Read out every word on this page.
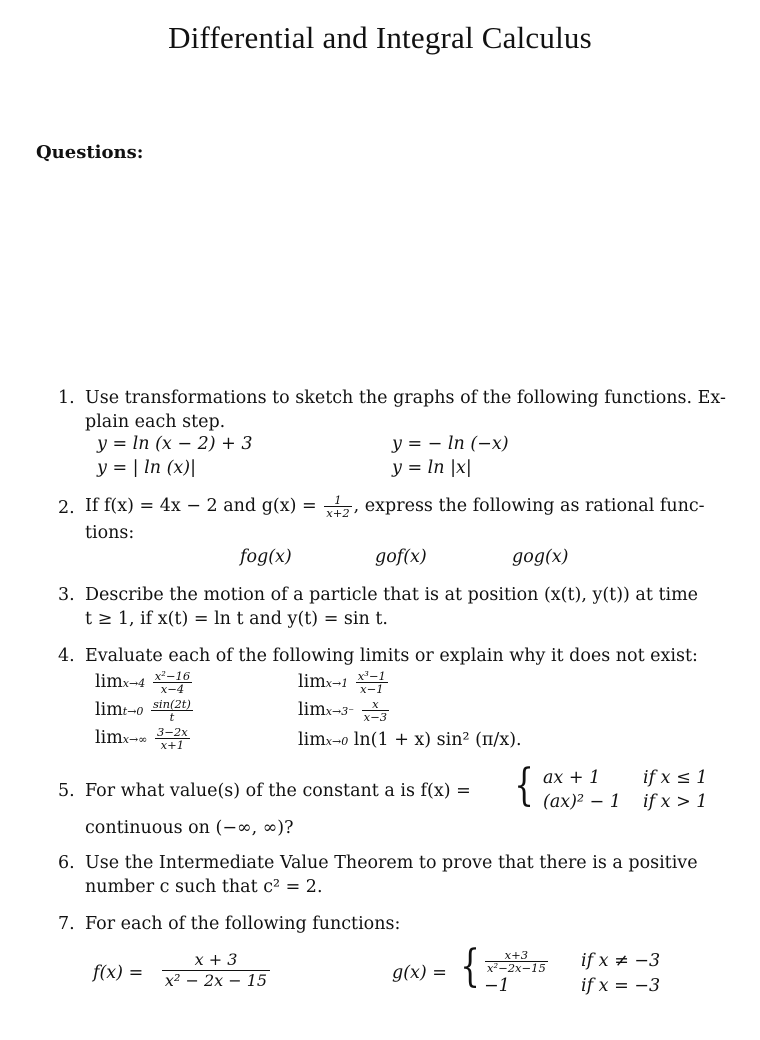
Differential and Integral Calculus
Questions:
1. Use transformations to sketch the graphs of the following functions. Ex-
plain each step.
y = ln (x − 2) + 3	y = − ln (−x)
y = | ln (x)|	y = ln |x|
2. If f(x) = 4x − 2 and $g(x) = \frac{1}{x+2}$ , express the following as rational func-
tions:
fog(x)	gof(x)	gog(x)
3. Describe the motion of a particle that is at position (x(t), y(t)) at time
t ≥ 1, if x(t) = ln t and y(t) = sin t.
4. Evaluate each of the following limits or explain why it does not exist:
$\lim x\to 4 \frac{\text{x²−16}}{x-4}$	$\lim x\to 1 \frac{\text{x³−1}}{x-1}$
$\lim t\to 0 \frac{\sin(2t)}{t}$	$\lim x\to 3^- \frac{x}{x-3}$
$\lim x\to\infty \frac{3-2x}{x+1}$	limx→0 ln(1 + x) sin² (π/x).
5. For what value(s) of the constant a is f(x) = { ax + 1 if x ≤ 1
(ax)² − 1 if x > 1
continuous on (−∞, ∞)?
6. Use the Intermediate Value Theorem to prove that there is a positive
number c such that c² = 2.
7. For each of the following functions:
$f(x) = \frac{x + 3}{\text{x² − 2x − 15}}$	g(x) = { $\frac{x+3}{\text{x²−2x−15}}$ if x ≠ −3
−1	if x = −3
